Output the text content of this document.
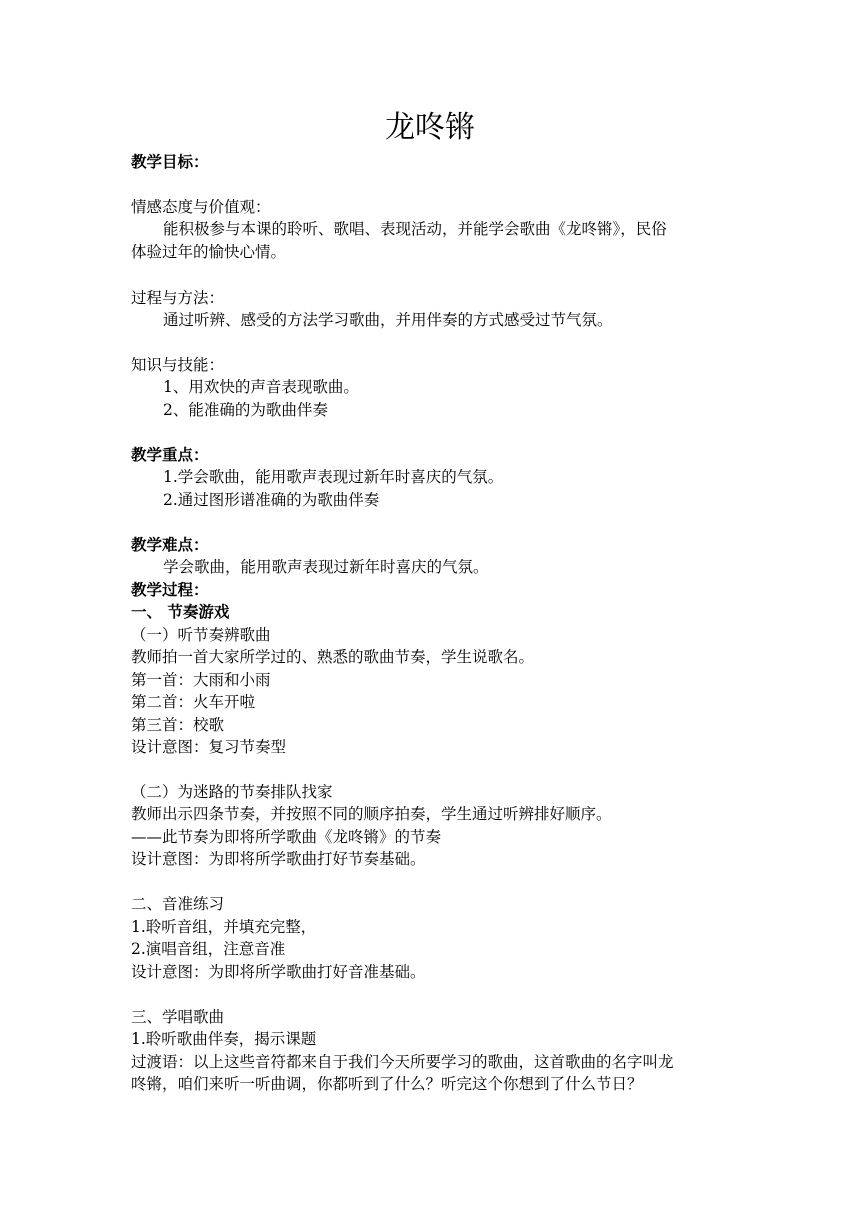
龙咚锵
教学目标：
情感态度与价值观：
能积极参与本课的聆听、歌唱、表现活动，并能学会歌曲《龙咚锵》，民俗
体验过年的愉快心情。
过程与方法：
通过听辨、感受的方法学习歌曲，并用伴奏的方式感受过节气氛。
知识与技能：
1、用欢快的声音表现歌曲。
2、能准确的为歌曲伴奏
教学重点：
1.学会歌曲，能用歌声表现过新年时喜庆的气氛。
2.通过图形谱准确的为歌曲伴奏
教学难点：
学会歌曲，能用歌声表现过新年时喜庆的气氛。
教学过程：
一、 节奏游戏
（一）听节奏辨歌曲
教师拍一首大家所学过的、熟悉的歌曲节奏，学生说歌名。
第一首：大雨和小雨
第二首：火车开啦
第三首：校歌
设计意图：复习节奏型
（二）为迷路的节奏排队找家
教师出示四条节奏，并按照不同的顺序拍奏，学生通过听辨排好顺序。
——此节奏为即将所学歌曲《龙咚锵》的节奏
设计意图：为即将所学歌曲打好节奏基础。
二、音准练习
1.聆听音组，并填充完整，
2.演唱音组，注意音准
设计意图：为即将所学歌曲打好音准基础。
三、学唱歌曲
1.聆听歌曲伴奏，揭示课题
过渡语：以上这些音符都来自于我们今天所要学习的歌曲，这首歌曲的名字叫龙
咚锵，咱们来听一听曲调，你都听到了什么？听完这个你想到了什么节日？
